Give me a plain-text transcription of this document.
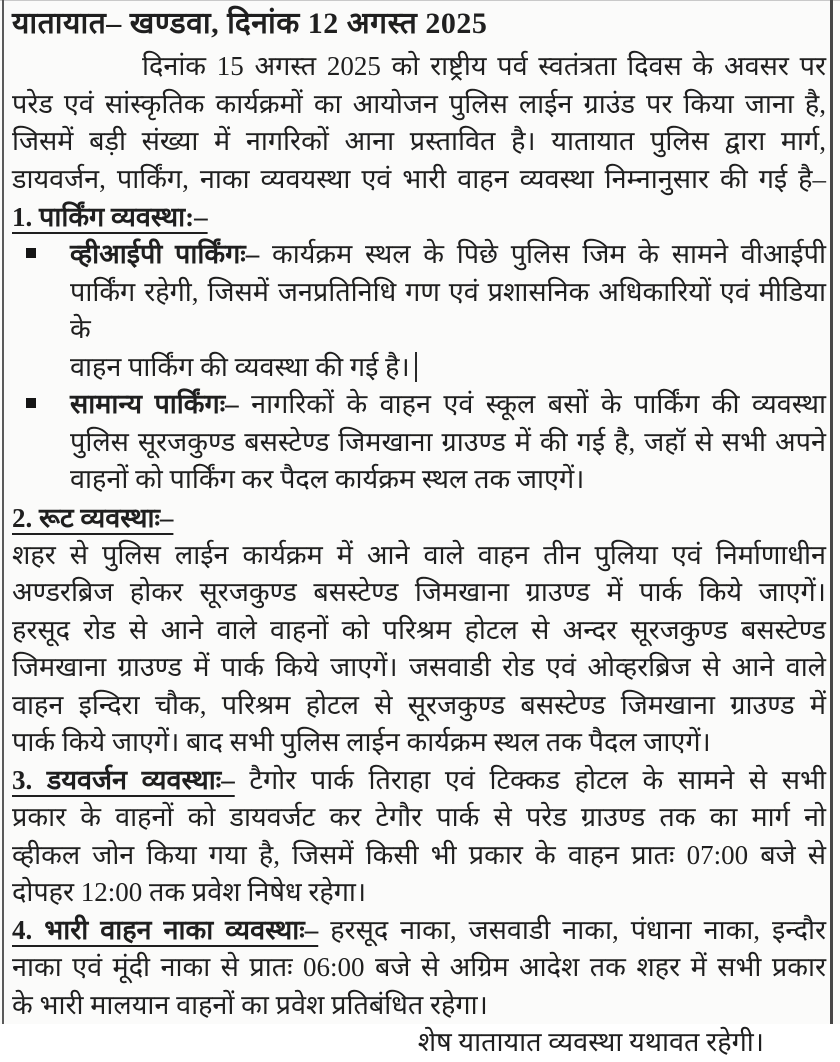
यातायात– खण्डवा, दिनांक 12 अगस्त 2025
दिनांक 15 अगस्त 2025 को राष्ट्रीय पर्व स्वतंत्रता दिवस के अवसर पर
परेड एवं सांस्कृतिक कार्यक्रमों का आयोजन पुलिस लाईन ग्राउंड पर किया जाना है,
जिसमें बड़ी संख्या में नागरिकों आना प्रस्तावित है। यातायात पुलिस द्वारा मार्ग,
डायवर्जन, पार्किंग, नाका व्यवयस्था एवं भारी वाहन व्यवस्था निम्नानुसार की गई है–
1. पार्किंग व्यवस्था:–
व्हीआईपी पार्किंगः– कार्यक्रम स्थल के पिछे पुलिस जिम के सामने वीआईपी
पार्किंग रहेगी, जिसमें जनप्रतिनिधि गण एवं प्रशासनिक अधिकारियों एवं मीडिया के
वाहन पार्किंग की व्यवस्था की गई है।
सामान्य पार्किंगः– नागरिकों के वाहन एवं स्कूल बसों के पार्किंग की व्यवस्था
पुलिस सूरजकुण्ड बसस्टेण्ड जिमखाना ग्राउण्ड में की गई है, जहॉ से सभी अपने
वाहनों को पार्किंग कर पैदल कार्यक्रम स्थल तक जाएगें।
2. रूट व्यवस्थाः–
शहर से पुलिस लाईन कार्यक्रम में आने वाले वाहन तीन पुलिया एवं निर्माणाधीन
अण्डरब्रिज होकर सूरजकुण्ड बसस्टेण्ड जिमखाना ग्राउण्ड में पार्क किये जाएगें।
हरसूद रोड से आने वाले वाहनों को परिश्रम होटल से अन्दर सूरजकुण्ड बसस्टेण्ड
जिमखाना ग्राउण्ड में पार्क किये जाएगें। जसवाडी रोड एवं ओव्हरब्रिज से आने वाले
वाहन इन्दिरा चौक, परिश्रम होटल से सूरजकुण्ड बसस्टेण्ड जिमखाना ग्राउण्ड में
पार्क किये जाएगें। बाद सभी पुलिस लाईन कार्यक्रम स्थल तक पैदल जाएगें।
3. डयवर्जन व्यवस्थाः– टैगोर पार्क तिराहा एवं टिक्कड होटल के सामने से सभी
प्रकार के वाहनों को डायवर्जट कर टेगौर पार्क से परेड ग्राउण्ड तक का मार्ग नो
व्हीकल जोन किया गया है, जिसमें किसी भी प्रकार के वाहन प्रातः 07:00 बजे से
दोपहर 12:00 तक प्रवेश निषेध रहेगा।
4. भारी वाहन नाका व्यवस्थाः– हरसूद नाका, जसवाडी नाका, पंधाना नाका, इन्दौर
नाका एवं मूंदी नाका से प्रातः 06:00 बजे से अग्रिम आदेश तक शहर में सभी प्रकार
के भारी मालयान वाहनों का प्रवेश प्रतिबंधित रहेगा।
शेष यातायात व्यवस्था यथावत रहेगी।
